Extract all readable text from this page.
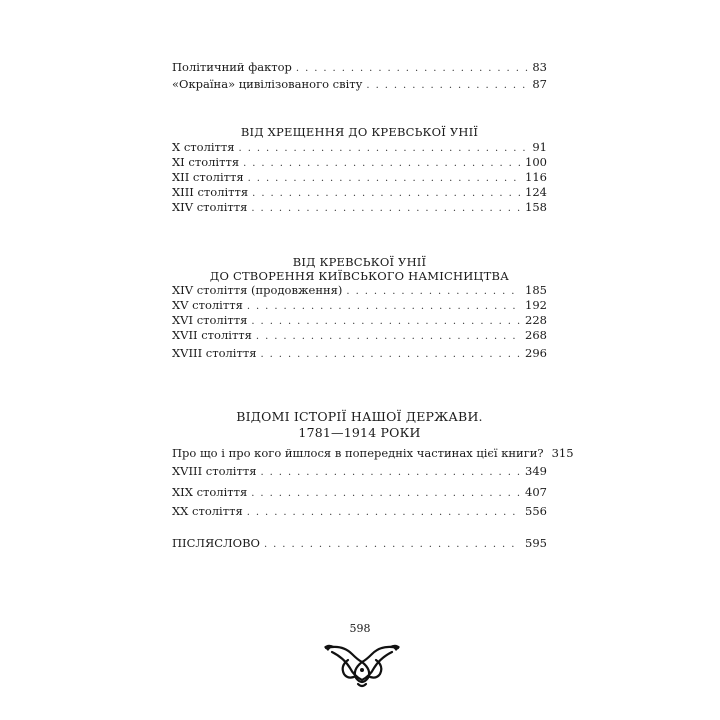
Політичний фактор . . .	83
«Окраїна» цивілізованого світу . . .	87
ВІД ХРЕЩЕННЯ ДО КРЕВСЬКОЇ УНІЇ
Х століття . . .	91
ХІ століття . . .	100
ХІІ століття . . .	116
ХІІІ століття . . .	124
XIV століття . . .	158
ВІД КРЕВСЬКОЇ УНІЇ
ДО СТВОРЕННЯ КИЇВСЬКОГО НАМІСНИЦТВА
XIV століття (продовження) . . .	185
XV століття . . .	192
XVI століття . . .	228
XVII століття . . .	268
XVIII століття . . .	296
ВІДОМІ ІСТОРІЇ НАШОЇ ДЕРЖАВИ.
1781—1914 РОКИ
Про що і про кого йшлося в попередніх частинах цієї книги? 315
XVIII століття . . .	349
XIX століття . . .	407
XX століття . . .	556
ПІСЛЯСЛОВО . . .	595
598
